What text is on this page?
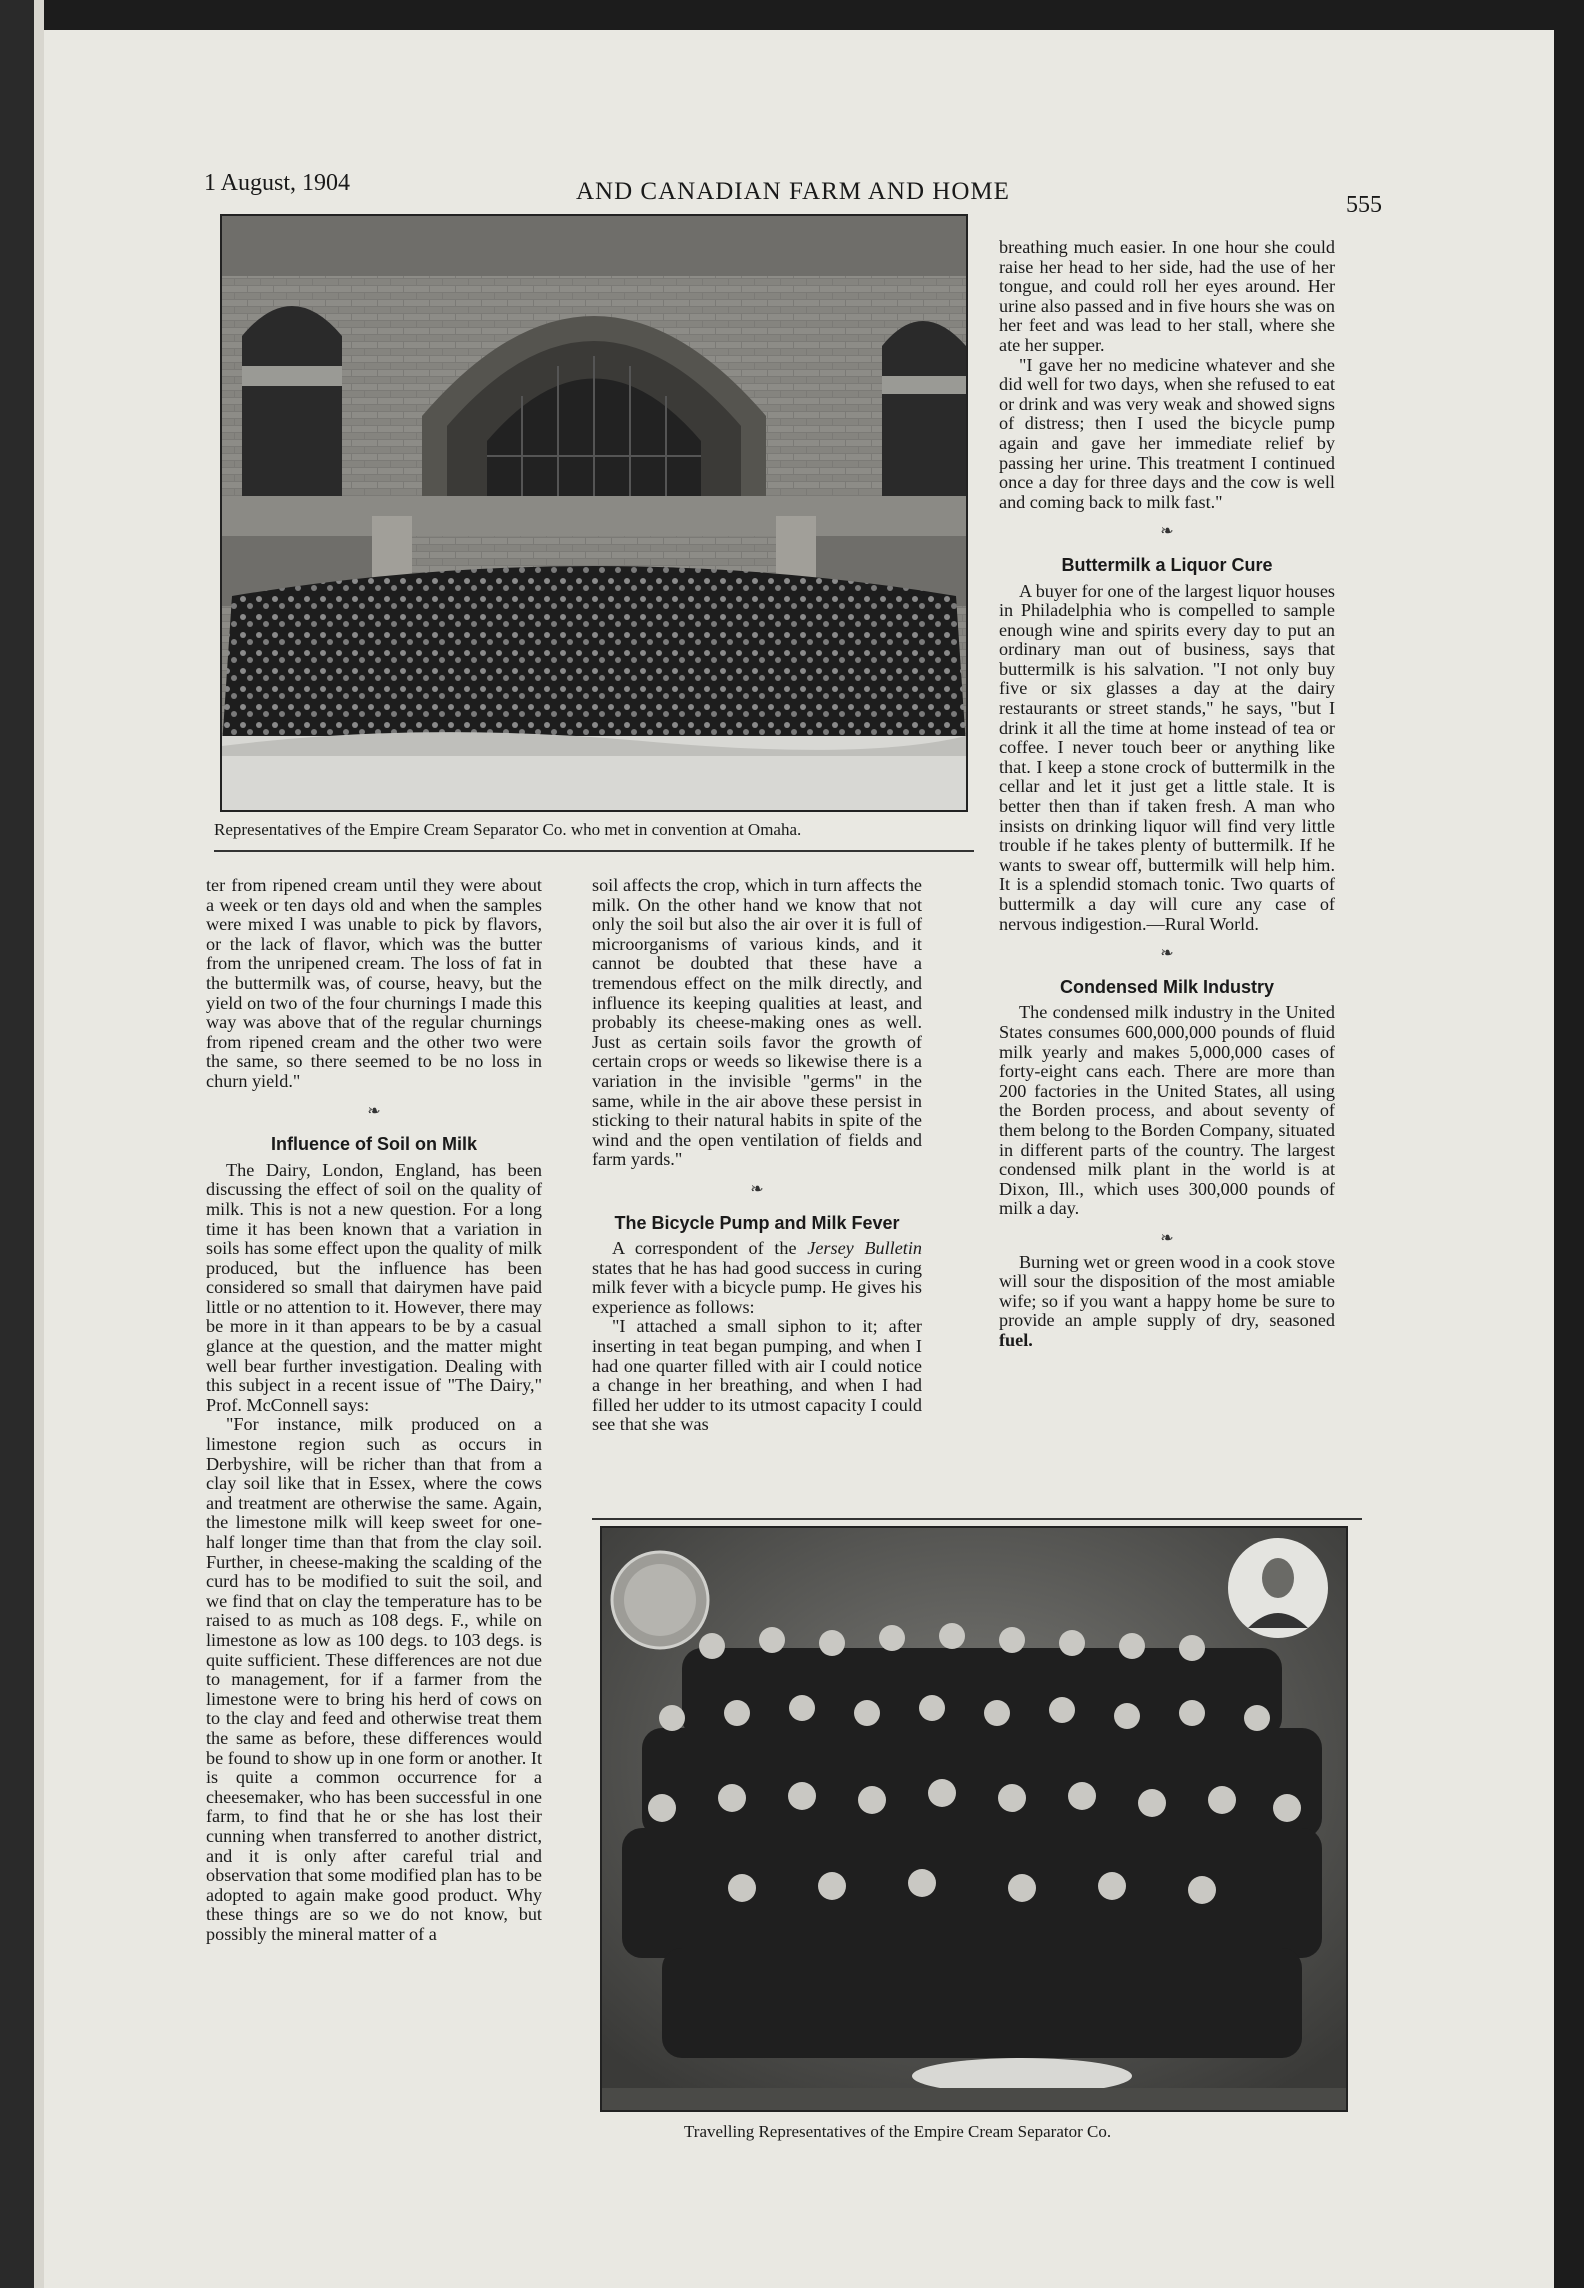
1 August, 1904	AND CANADIAN FARM AND HOME	555
Representatives of the Empire Cream Separator Co. who met in convention at Omaha.

ter from ripened cream until they were about a week or ten days old and when the samples were mixed I was unable to pick by flavors, or the lack of flavor, which was the butter from the unripened cream. The loss of fat in the buttermilk was, of course, heavy, but the yield on two of the four churnings I made this way was above that of the regular churnings from ripened cream and the other two were the same, so there seemed to be no loss in churn yield."

❧
Influence of Soil on Milk

The Dairy, London, England, has been discussing the effect of soil on the quality of milk. This is not a new question. For a long time it has been known that a variation in soils has some effect upon the quality of milk produced, but the influence has been considered so small that dairymen have paid little or no attention to it. However, there may be more in it than appears to be by a casual glance at the question, and the matter might well bear further investigation. Dealing with this subject in a recent issue of "The Dairy," Prof. McConnell says:

"For instance, milk produced on a limestone region such as occurs in Derbyshire, will be richer than that from a clay soil like that in Essex, where the cows and treatment are otherwise the same. Again, the limestone milk will keep sweet for one-half longer time than that from the clay soil. Further, in cheese-making the scalding of the curd has to be modified to suit the soil, and we find that on clay the temperature has to be raised to as much as 108 degs. F., while on limestone as low as 100 degs. to 103 degs. is quite sufficient. These differences are not due to management, for if a farmer from the limestone were to bring his herd of cows on to the clay and feed and otherwise treat them the same as before, these differences would be found to show up in one form or another. It is quite a common occurrence for a cheesemaker, who has been successful in one farm, to find that he or she has lost their cunning when transferred to another district, and it is only after careful trial and observation that some modified plan has to be adopted to again make good product. Why these things are so we do not know, but possibly the mineral matter of a

soil affects the crop, which in turn affects the milk. On the other hand we know that not only the soil but also the air over it is full of microorganisms of various kinds, and it cannot be doubted that these have a tremendous effect on the milk directly, and influence its keeping qualities at least, and probably its cheese-making ones as well. Just as certain soils favor the growth of certain crops or weeds so likewise there is a variation in the invisible "germs" in the same, while in the air above these persist in sticking to their natural habits in spite of the wind and the open ventilation of fields and farm yards."

❧
The Bicycle Pump and Milk Fever

A correspondent of the Jersey Bulletin states that he has had good success in curing milk fever with a bicycle pump. He gives his experience as follows:

"I attached a small siphon to it; after inserting in teat began pumping, and when I had one quarter filled with air I could notice a change in her breathing, and when I had filled her udder to its utmost capacity I could see that she was

breathing much easier. In one hour she could raise her head to her side, had the use of her tongue, and could roll her eyes around. Her urine also passed and in five hours she was on her feet and was lead to her stall, where she ate her supper.

"I gave her no medicine whatever and she did well for two days, when she refused to eat or drink and was very weak and showed signs of distress; then I used the bicycle pump again and gave her immediate relief by passing her urine. This treatment I continued once a day for three days and the cow is well and coming back to milk fast."

❧
Buttermilk a Liquor Cure

A buyer for one of the largest liquor houses in Philadelphia who is compelled to sample enough wine and spirits every day to put an ordinary man out of business, says that buttermilk is his salvation. "I not only buy five or six glasses a day at the dairy restaurants or street stands," he says, "but I drink it all the time at home instead of tea or coffee. I never touch beer or anything like that. I keep a stone crock of buttermilk in the cellar and let it just get a little stale. It is better then than if taken fresh. A man who insists on drinking liquor will find very little trouble if he takes plenty of buttermilk. If he wants to swear off, buttermilk will help him. It is a splendid stomach tonic. Two quarts of buttermilk a day will cure any case of nervous indigestion.—Rural World.

❧
Condensed Milk Industry

The condensed milk industry in the United States consumes 600,000,000 pounds of fluid milk yearly and makes 5,000,000 cases of forty-eight cans each. There are more than 200 factories in the United States, all using the Borden process, and about seventy of them belong to the Borden Company, situated in different parts of the country. The largest condensed milk plant in the world is at Dixon, Ill., which uses 300,000 pounds of milk a day.

❧

Burning wet or green wood in a cook stove will sour the disposition of the most amiable wife; so if you want a happy home be sure to provide an ample supply of dry, seasoned fuel.

Travelling Representatives of the Empire Cream Separator Co.
